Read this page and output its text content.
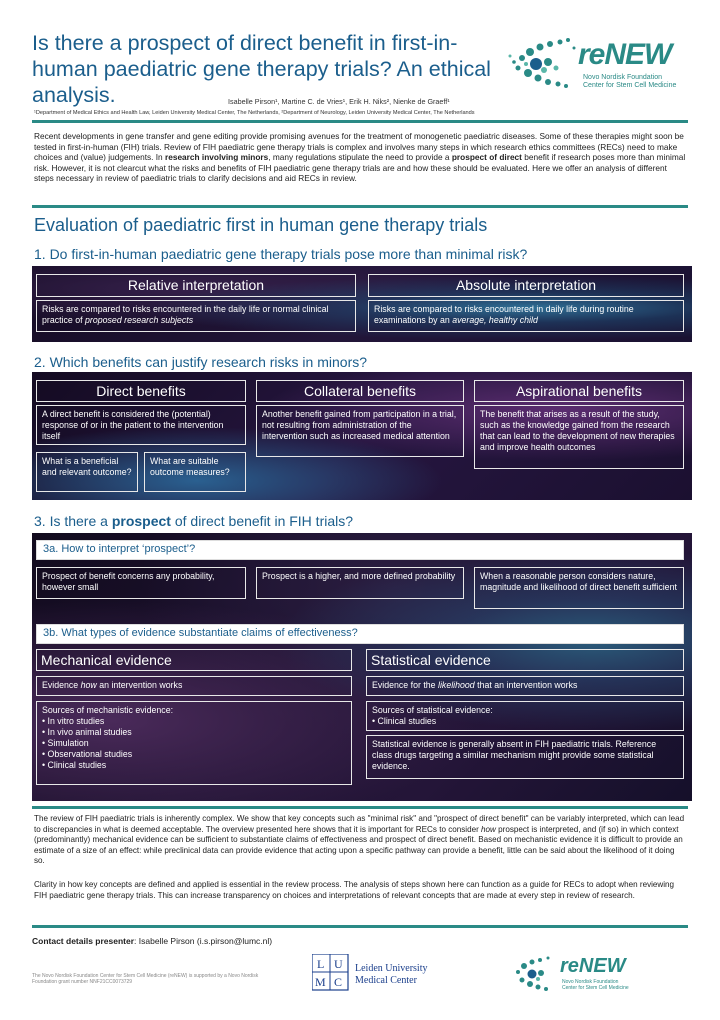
Is there a prospect of direct benefit in first-in-human paediatric gene therapy trials? An ethical analysis.
reNEW
Novo Nordisk Foundation
Center for Stem Cell Medicine
Isabelle Pirson¹, Martine C. de Vries¹, Erik H. Niks², Nienke de Graeff¹
¹Department of Medical Ethics and Health Law, Leiden University Medical Center, The Netherlands, ²Department of Neurology, Leiden University Medical Center, The Netherlands

Recent developments in gene transfer and gene editing provide promising avenues for the treatment of monogenetic paediatric diseases. Some of these therapies might soon be tested in first-in-human (FIH) trials. Review of FIH paediatric gene therapy trials is complex and involves many steps in which research ethics committees (RECs) need to make choices and (value) judgements. In research involving minors, many regulations stipulate the need to provide a prospect of direct benefit if research poses more than minimal risk. However, it is not clearcut what the risks and benefits of FIH paediatric gene therapy trials are and how these should be evaluated. Here we offer an analysis of different steps necessary in review of paediatric trials to clarify decisions and aid RECs in review.

Evaluation of paediatric first in human gene therapy trials
1. Do first-in-human paediatric gene therapy trials pose more than minimal risk?
Relative interpretation
Risks are compared to risks encountered in the daily life or normal clinical practice of proposed research subjects
Absolute interpretation
Risks are compared to risks encountered in daily life during routine examinations by an average, healthy child
2. Which benefits can justify research risks in minors?
Direct benefits
A direct benefit is considered the (potential) response of or in the patient to the intervention itself
What is a beneficial and relevant outcome?
What are suitable outcome measures?
Collateral benefits
Another benefit gained from participation in a trial, not resulting from administration of the intervention such as increased medical attention
Aspirational benefits
The benefit that arises as a result of the study, such as the knowledge gained from the research that can lead to the development of new therapies and improve health outcomes
3. Is there a prospect of direct benefit in FIH trials?
3a. How to interpret ‘prospect’?
Prospect of benefit concerns any probability, however small
Prospect is a higher, and more defined probability	When a reasonable person considers nature, magnitude and likelihood of direct benefit sufficient
3b. What types of evidence substantiate claims of effectiveness?
Mechanical evidence
Evidence how an intervention works
Sources of mechanistic evidence:
• In vitro studies
• In vivo animal studies
• Simulation
• Observational studies
• Clinical studies
Statistical evidence
Evidence for the likelihood that an intervention works
Sources of statistical evidence:
• Clinical studies
Statistical evidence is generally absent in FIH paediatric trials. Reference class drugs targeting a similar mechanism might provide some statistical evidence.

The review of FIH paediatric trials is inherently complex. We show that key concepts such as "minimal risk" and "prospect of direct benefit" can be variably interpreted, which can lead to discrepancies in what is deemed acceptable. The overview presented here shows that it is important for RECs to consider how prospect is interpreted, and (if so) in which context (predominantly) mechanical evidence can be sufficient to substantiate claims of effectiveness and prospect of direct benefit. Based on mechanistic evidence it is difficult to provide an estimate of a size of an effect: while preclinical data can provide evidence that acting upon a specific pathway can provide a benefit, little can be said about the likelihood of it doing so.

Clarity in how key concepts are defined and applied is essential in the review process. The analysis of steps shown here can function as a guide for RECs to adopt when reviewing FIH paediatric gene therapy trials. This can increase transparency on choices and interpretations of relevant concepts that are made at every step in review of research.

Contact details presenter: Isabelle Pirson (i.s.pirson@lumc.nl)
The Novo Nordisk Foundation Center for Stem Cell Medicine (reNEW) is supported by a Novo Nordisk Foundation grant number NNF21CC0073729
L U
M C
Leiden University
Medical Center
reNEW
Novo Nordisk Foundation
Center for Stem Cell Medicine
